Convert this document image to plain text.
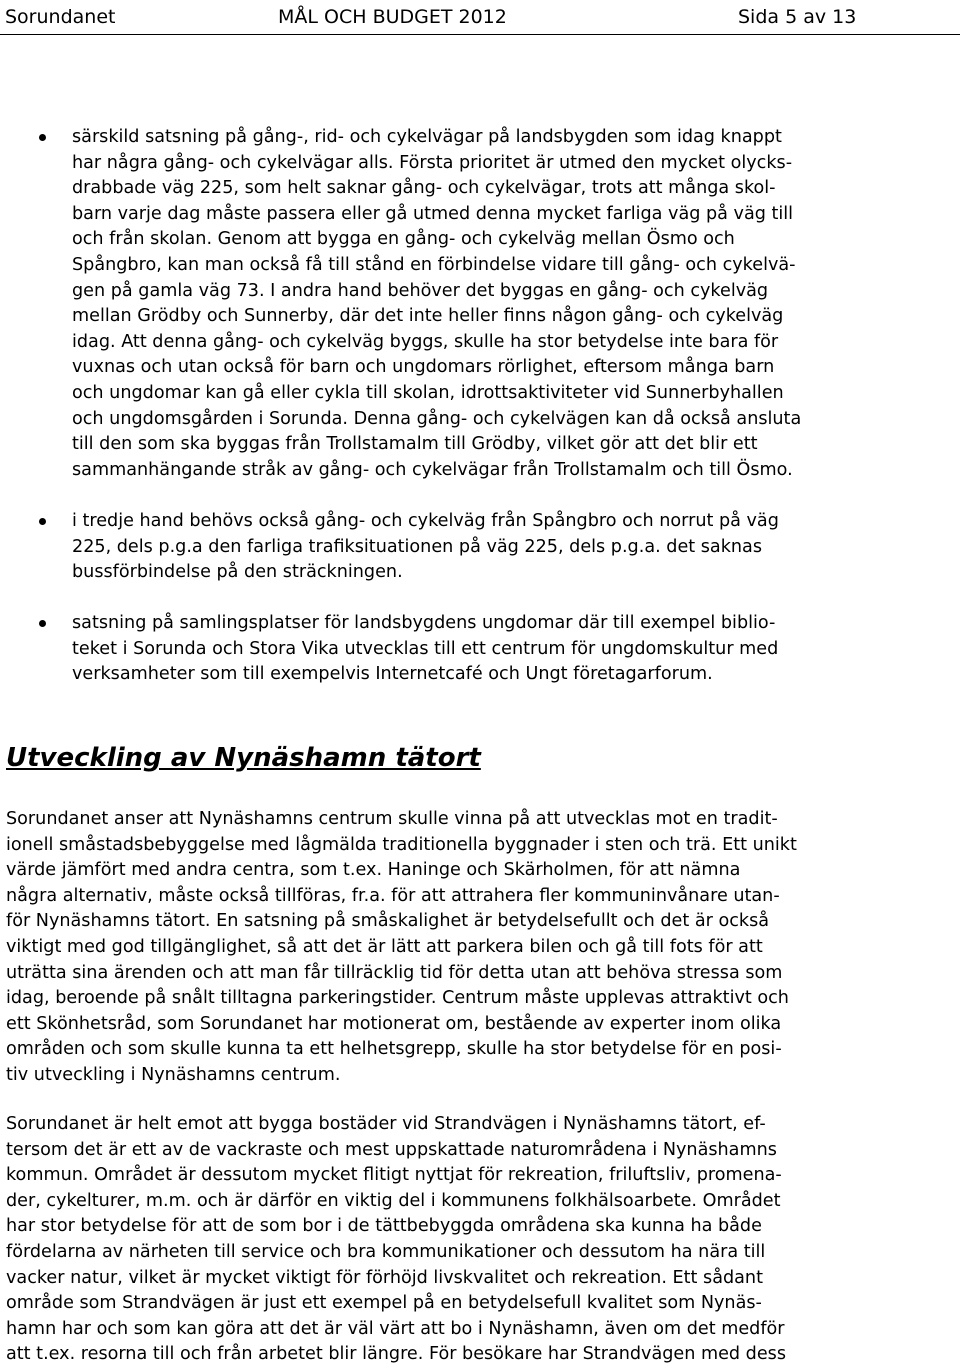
Sorundanet	MÅL OCH BUDGET 2012	Sida 5 av 13
särskild satsning på gång-, rid- och cykelvägar på landsbygden som idag knappt
har några gång- och cykelvägar alls. Första prioritet är utmed den mycket olycks-
drabbade väg 225, som helt saknar gång- och cykelvägar, trots att många skol-
barn varje dag måste passera eller gå utmed denna mycket farliga väg på väg till
och från skolan. Genom att bygga en gång- och cykelväg mellan Ösmo och
Spångbro, kan man också få till stånd en förbindelse vidare till gång- och cykelvä-
gen på gamla väg 73. I andra hand behöver det byggas en gång- och cykelväg
mellan Grödby och Sunnerby, där det inte heller finns någon gång- och cykelväg
idag. Att denna gång- och cykelväg byggs, skulle ha stor betydelse inte bara för
vuxnas och utan också för barn och ungdomars rörlighet, eftersom många barn
och ungdomar kan gå eller cykla till skolan, idrottsaktiviteter vid Sunnerbyhallen
och ungdomsgården i Sorunda. Denna gång- och cykelvägen kan då också ansluta
till den som ska byggas från Trollstamalm till Grödby, vilket gör att det blir ett
sammanhängande stråk av gång- och cykelvägar från Trollstamalm och till Ösmo.
i tredje hand behövs också gång- och cykelväg från Spångbro och norrut på väg
225, dels p.g.a den farliga trafiksituationen på väg 225, dels p.g.a. det saknas
bussförbindelse på den sträckningen.
satsning på samlingsplatser för landsbygdens ungdomar där till exempel biblio-
teket i Sorunda och Stora Vika utvecklas till ett centrum för ungdomskultur med
verksamheter som till exempelvis Internetcafé och Ungt företagarforum.
Utveckling av Nynäshamn tätort
Sorundanet anser att Nynäshamns centrum skulle vinna på att utvecklas mot en tradit-
ionell småstadsbebyggelse med lågmälda traditionella byggnader i sten och trä. Ett unikt
värde jämfört med andra centra, som t.ex. Haninge och Skärholmen, för att nämna
några alternativ, måste också tillföras, fr.a. för att attrahera fler kommuninvånare utan-
för Nynäshamns tätort. En satsning på småskalighet är betydelsefullt och det är också
viktigt med god tillgänglighet, så att det är lätt att parkera bilen och gå till fots för att
uträtta sina ärenden och att man får tillräcklig tid för detta utan att behöva stressa som
idag, beroende på snålt tilltagna parkeringstider. Centrum måste upplevas attraktivt och
ett Skönhetsråd, som Sorundanet har motionerat om, bestående av experter inom olika
områden och som skulle kunna ta ett helhetsgrepp, skulle ha stor betydelse för en posi-
tiv utveckling i Nynäshamns centrum.
Sorundanet är helt emot att bygga bostäder vid Strandvägen i Nynäshamns tätort, ef-
tersom det är ett av de vackraste och mest uppskattade naturområdena i Nynäshamns
kommun. Området är dessutom mycket flitigt nyttjat för rekreation, friluftsliv, promena-
der, cykelturer, m.m. och är därför en viktig del i kommunens folkhälsoarbete. Området
har stor betydelse för att de som bor i de tättbebyggda områdena ska kunna ha både
fördelarna av närheten till service och bra kommunikationer och dessutom ha nära till
vacker natur, vilket är mycket viktigt för förhöjd livskvalitet och rekreation. Ett sådant
område som Strandvägen är just ett exempel på en betydelsefull kvalitet som Nynäs-
hamn har och som kan göra att det är väl värt att bo i Nynäshamn, även om det medför
att t.ex. resorna till och från arbetet blir längre. För besökare har Strandvägen med dess
